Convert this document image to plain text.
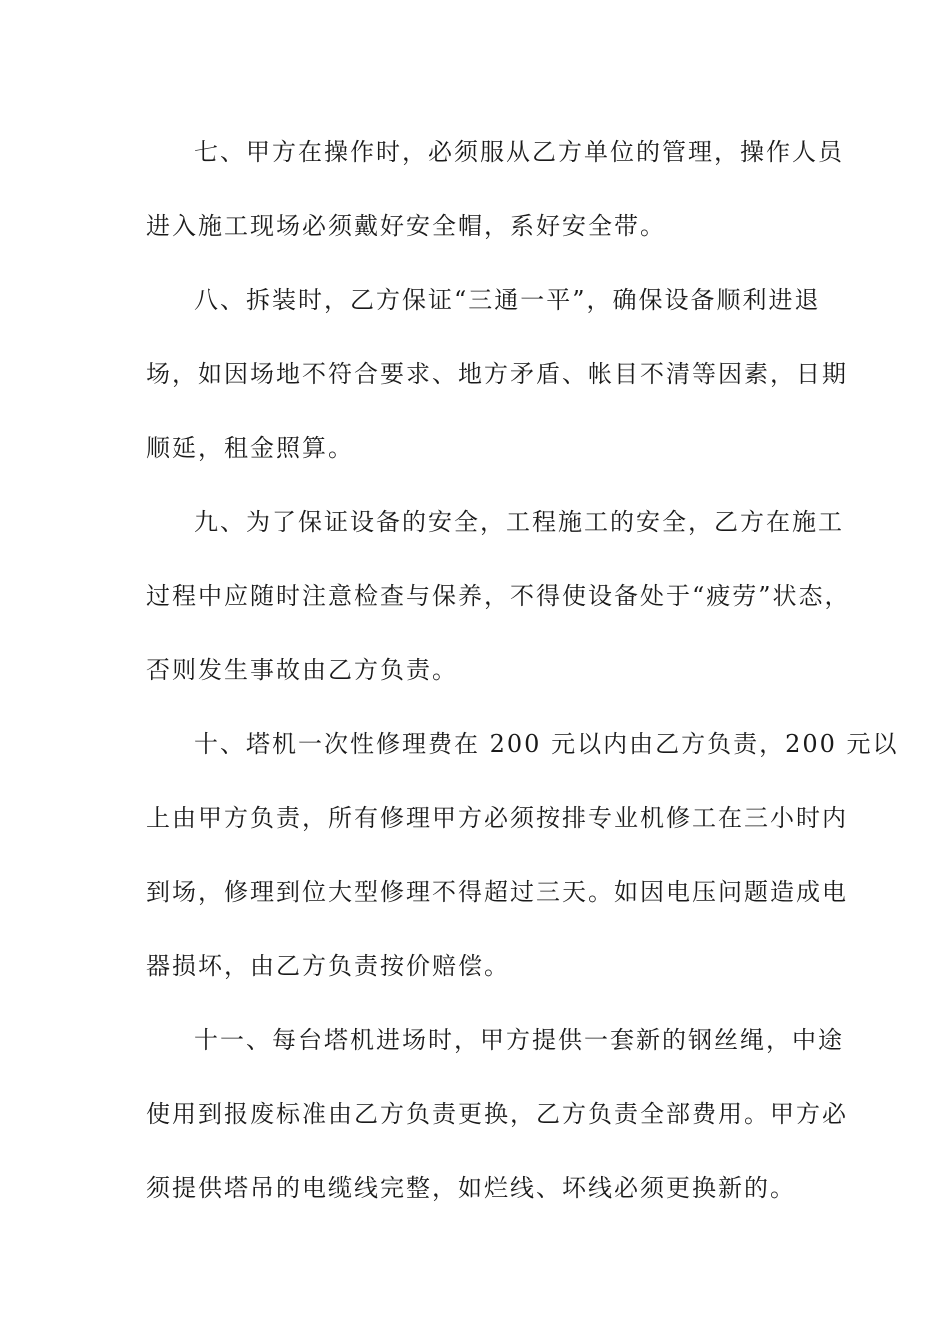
七、甲方在操作时，必须服从乙方单位的管理，操作人员

进入施工现场必须戴好安全帽，系好安全带。

八、拆装时，乙方保证“三通一平”，确保设备顺利进退

场，如因场地不符合要求、地方矛盾、帐目不清等因素，日期

顺延，租金照算。

九、为了保证设备的安全，工程施工的安全，乙方在施工

过程中应随时注意检查与保养，不得使设备处于“疲劳”状态，

否则发生事故由乙方负责。

十、塔机一次性修理费在 200 元以内由乙方负责，200 元以

上由甲方负责，所有修理甲方必须按排专业机修工在三小时内

到场，修理到位大型修理不得超过三天。如因电压问题造成电

器损坏，由乙方负责按价赔偿。

十一、每台塔机进场时，甲方提供一套新的钢丝绳，中途

使用到报废标准由乙方负责更换，乙方负责全部费用。甲方必

须提供塔吊的电缆线完整，如烂线、坏线必须更换新的。
